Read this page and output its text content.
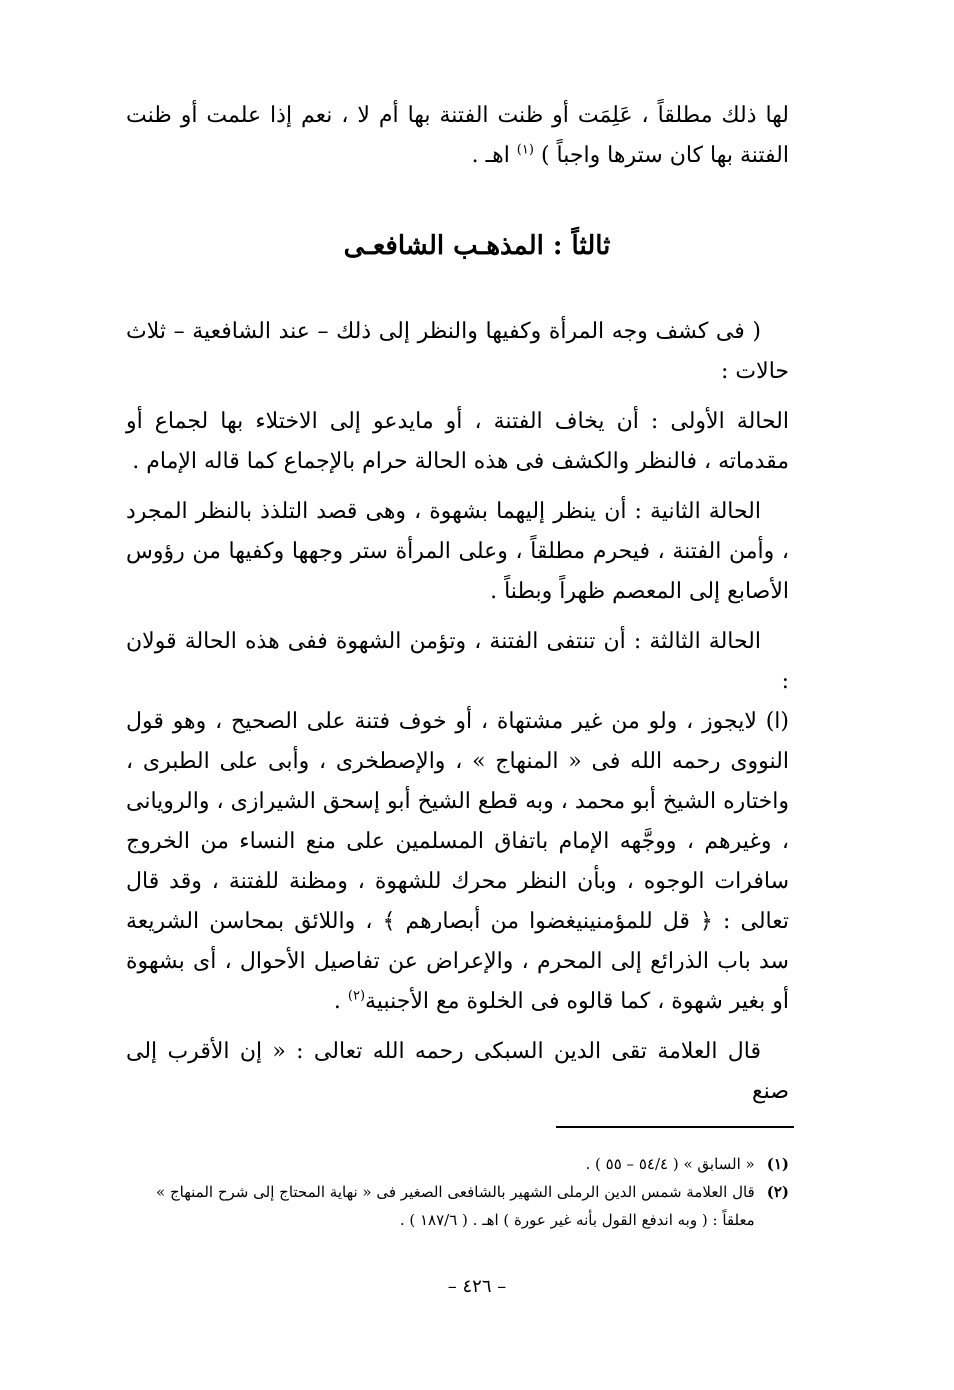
لها ذلك مطلقاً ، عَلِمَت أو ظنت الفتنة بها أم لا ، نعم إذا علمت أو ظنت الفتنة بها كان سترها واجباً ) $^{(١)}$ اهـ .

ثالثاً : المذهـب الشافعـى

( فى كشف وجه المرأة وكفيها والنظر إلى ذلك – عند الشافعية – ثلاث حالات :

الحالة الأولى : أن يخاف الفتنة ، أو مايدعو إلى الاختلاء بها لجماع أو مقدماته ، فالنظر والكشف فى هذه الحالة حرام بالإجماع كما قاله الإمام .

الحالة الثانية : أن ينظر إليهما بشهوة ، وهى قصد التلذذ بالنظر المجرد ، وأمن الفتنة ، فيحرم مطلقاً ، وعلى المرأة ستر وجهها وكفيها من رؤوس الأصابع إلى المعصم ظهراً وبطناً .

الحالة الثالثة : أن تنتفى الفتنة ، وتؤمن الشهوة ففى هذه الحالة قولان :

(ا) لايجوز ، ولو من غير مشتهاة ، أو خوف فتنة على الصحيح ، وهو قول النووى رحمه الله فى « المنهاج » ، والإصطخرى ، وأبى على الطبرى ، واختاره الشيخ أبو محمد ، وبه قطع الشيخ أبو إسحق الشيرازى ، والرويانى ، وغيرهم ، ووجَّهه الإمام باتفاق المسلمين على منع النساء من الخروج سافرات الوجوه ، وبأن النظر محرك للشهوة ، ومظنة للفتنة ، وقد قال تعالى : ﴿ قل للمؤمنينيغضوا من أبصارهم ﴾ ، واللائق بمحاسن الشريعة سد باب الذرائع إلى المحرم ، والإعراض عن تفاصيل الأحوال ، أى بشهوة أو بغير شهوة ، كما قالوه فى الخلوة مع الأجنبية$^{(٢)}$ .

قال العلامة تقى الدين السبكى رحمه الله تعالى : « إن الأقرب إلى صنع

(١)
« السابق » ( ٥٤/٤ – ٥٥ ) .
(٢)
قال العلامة شمس الدين الرملى الشهير بالشافعى الصغير فى « نهاية المحتاج إلى شرح المنهاج » معلقاً : ( وبه اندفع القول بأنه غير عورة ) اهـ . ( ١٨٧/٦ ) .
– ٤٢٦ –
